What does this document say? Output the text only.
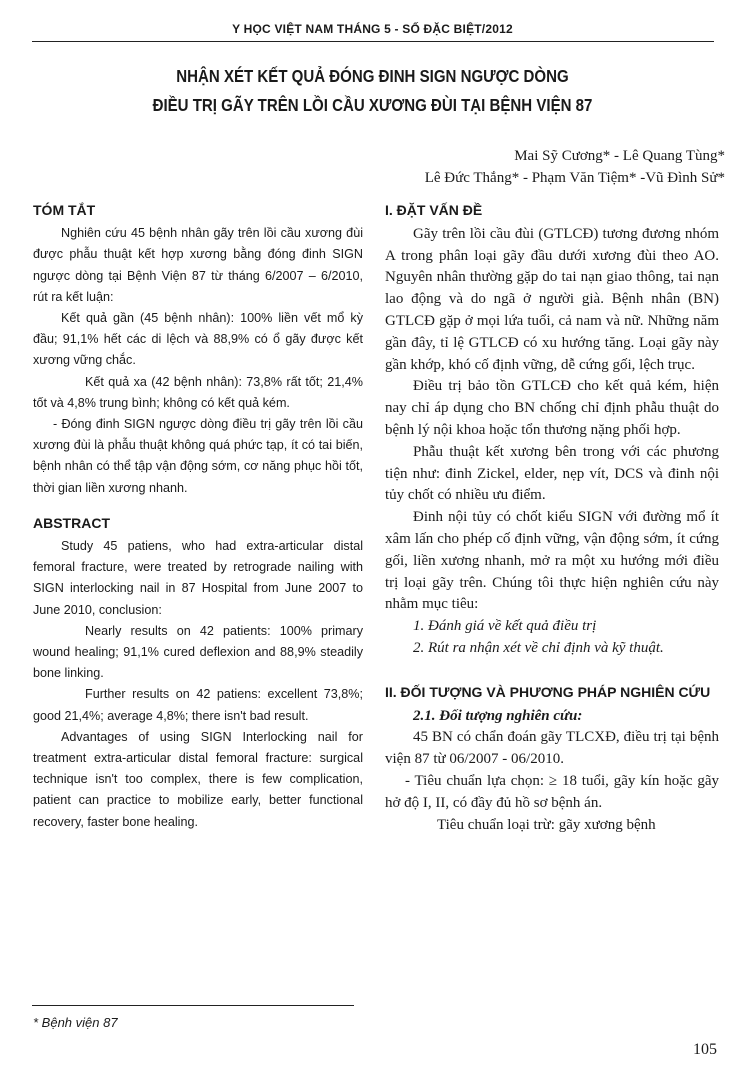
Y HỌC VIỆT NAM THÁNG 5 - SỐ ĐẶC BIỆT/2012
NHẬN XÉT KẾT QUẢ ĐÓNG ĐINH SIGN NGƯỢC DÒNG
ĐIỀU TRỊ GÃY TRÊN LỒI CẦU XƯƠNG ĐÙI TẠI BỆNH VIỆN 87
Mai Sỹ Cương* - Lê Quang Tùng*
Lê Đức Thắng* - Phạm Văn Tiệm* -Vũ Đình Sử*
TÓM TẮT

Nghiên cứu 45 bệnh nhân gãy trên lồi cầu xương đùi được phẫu thuật kết hợp xương bằng đóng đinh SIGN ngược dòng tại Bệnh Viện 87 từ tháng 6/2007 – 6/2010, rút ra kết luận:

Kết quả gần (45 bệnh nhân): 100% liền vết mổ kỳ đầu; 91,1% hết các di lệch và 88,9% có ổ gãy được kết xương vững chắc.

Kết quả xa (42 bệnh nhân): 73,8% rất tốt; 21,4% tốt và 4,8% trung bình; không có kết quả kém.

- Đóng đinh SIGN ngược dòng điều trị gãy trên lồi cầu xương đùi là phẫu thuật không quá phức tạp, ít có tai biến, bệnh nhân có thể tập vận động sớm, cơ năng phục hồi tốt, thời gian liền xương nhanh.

ABSTRACT

Study 45 patiens, who had extra-articular distal femoral fracture, were treated by retrograde nailing with SIGN interlocking nail in 87 Hospital from June 2007 to June 2010, conclusion:

Nearly results on 42 patients: 100% primary wound healing; 91,1% cured deflexion and 88,9% steadily bone linking.

Further results on 42 patiens: excellent 73,8%; good 21,4%; average 4,8%; there isn't bad result.

Advantages of using SIGN Interlocking nail for treatment extra-articular distal femoral fracture: surgical technique isn't too complex, there is few complication, patient can practice to mobilize early, better functional recovery, faster bone healing.

I. ĐẶT VẤN ĐỀ

Gãy trên lồi cầu đùi (GTLCĐ) tương đương nhóm A trong phân loại gãy đầu dưới xương đùi theo AO. Nguyên nhân thường gặp do tai nạn giao thông, tai nạn lao động và do ngã ở người già. Bệnh nhân (BN) GTLCĐ gặp ở mọi lứa tuổi, cả nam và nữ. Những năm gần đây, tỉ lệ GTLCĐ có xu hướng tăng. Loại gãy này gần khớp, khó cố định vững, dễ cứng gối, lệch trục.

Điều trị bảo tồn GTLCĐ cho kết quả kém, hiện nay chỉ áp dụng cho BN chống chỉ định phẫu thuật do bệnh lý nội khoa hoặc tổn thương nặng phối hợp.

Phẫu thuật kết xương bên trong với các phương tiện như: đinh Zickel, elder, nẹp vít, DCS và đinh nội tủy chốt có nhiều ưu điểm.

Đinh nội tủy có chốt kiểu SIGN với đường mổ ít xâm lấn cho phép cố định vững, vận động sớm, ít cứng gối, liền xương nhanh, mở ra một xu hướng mới điều trị loại gãy trên. Chúng tôi thực hiện nghiên cứu này nhằm mục tiêu:

1. Đánh giá về kết quả điều trị

2. Rút ra nhận xét về chỉ định và kỹ thuật.

II. ĐỐI TƯỢNG VÀ PHƯƠNG PHÁP NGHIÊN CỨU

2.1. Đối tượng nghiên cứu:

45 BN có chẩn đoán gãy TLCXĐ, điều trị tại bệnh viện 87 từ 06/2007 - 06/2010.

- Tiêu chuẩn lựa chọn: ≥ 18 tuổi, gãy kín hoặc gãy hở độ I, II, có đầy đủ hồ sơ bệnh án.

Tiêu chuẩn loại trừ: gãy xương bệnh

* Bệnh viện 87
105
